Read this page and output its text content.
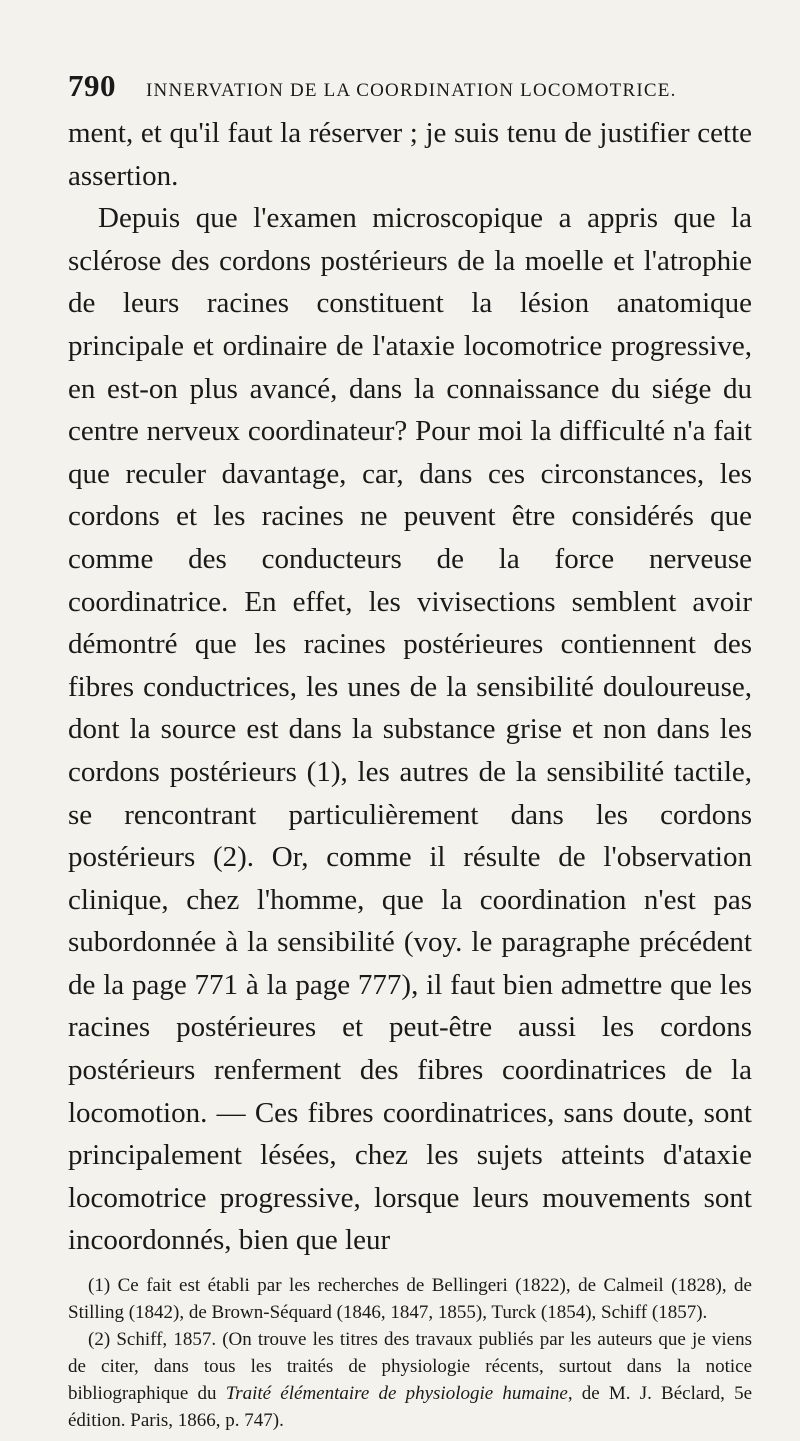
790 INNERVATION DE LA COORDINATION LOCOMOTRICE.

ment, et qu'il faut la réserver ; je suis tenu de justifier cette assertion.

Depuis que l'examen microscopique a appris que la sclérose des cordons postérieurs de la moelle et l'atrophie de leurs racines constituent la lésion anatomique principale et ordinaire de l'ataxie locomotrice progressive, en est-on plus avancé, dans la connaissance du siége du centre nerveux coordinateur? Pour moi la difficulté n'a fait que reculer davantage, car, dans ces circonstances, les cordons et les racines ne peuvent être considérés que comme des conducteurs de la force nerveuse coordinatrice. En effet, les vivisections semblent avoir démontré que les racines postérieures contiennent des fibres conductrices, les unes de la sensibilité douloureuse, dont la source est dans la substance grise et non dans les cordons postérieurs (1), les autres de la sensibilité tactile, se rencontrant particulièrement dans les cordons postérieurs (2). Or, comme il résulte de l'observation clinique, chez l'homme, que la coordination n'est pas subordonnée à la sensibilité (voy. le paragraphe précédent de la page 771 à la page 777), il faut bien admettre que les racines postérieures et peut-être aussi les cordons postérieurs renferment des fibres coordinatrices de la locomotion. — Ces fibres coordinatrices, sans doute, sont principalement lésées, chez les sujets atteints d'ataxie locomotrice progressive, lorsque leurs mouvements sont incoordonnés, bien que leur

(1) Ce fait est établi par les recherches de Bellingeri (1822), de Calmeil (1828), de Stilling (1842), de Brown-Séquard (1846, 1847, 1855), Turck (1854), Schiff (1857).

(2) Schiff, 1857. (On trouve les titres des travaux publiés par les auteurs que je viens de citer, dans tous les traités de physiologie récents, surtout dans la notice bibliographique du Traité élémentaire de physiologie humaine, de M. J. Béclard, 5e édition. Paris, 1866, p. 747).
